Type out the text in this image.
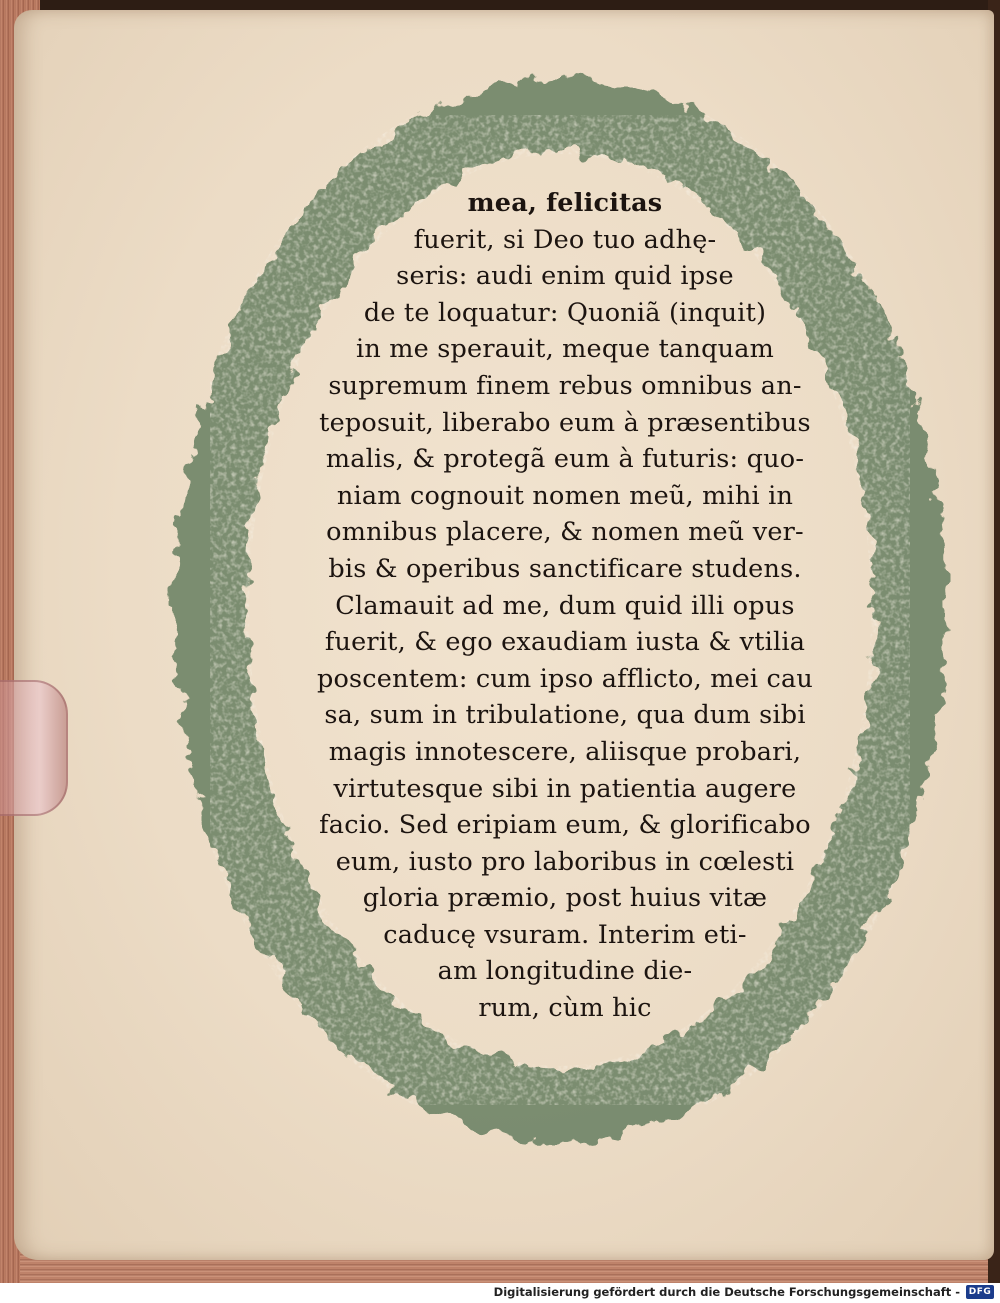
mea, felicitas
fuerit, si Deo tuo adhę-
seris: audi enim quid ipse
de te loquatur: Quoniã (inquit)
in me sperauit, meque tanquam
supremum finem rebus omnibus an-
teposuit, liberabo eum à præsentibus
malis, & protegã eum à futuris: quo-
niam cognouit nomen meũ, mihi in
omnibus placere, & nomen meũ ver-
bis & operibus sanctificare studens.
Clamauit ad me, dum quid illi opus
fuerit, & ego exaudiam iusta & vtilia
poscentem: cum ipso afflicto, mei cau
sa, sum in tribulatione, qua dum sibi
magis innotescere, aliisque probari,
virtutesque sibi in patientia augere
facio. Sed eripiam eum, & glorificabo
eum, iusto pro laboribus in cœlesti
gloria præmio, post huius vitæ
caducę vsuram. Interim eti-
am longitudine die-
rum, cùm hic
Digitalisierung gefördert durch die Deutsche Forschungsgemeinschaft - DFG
